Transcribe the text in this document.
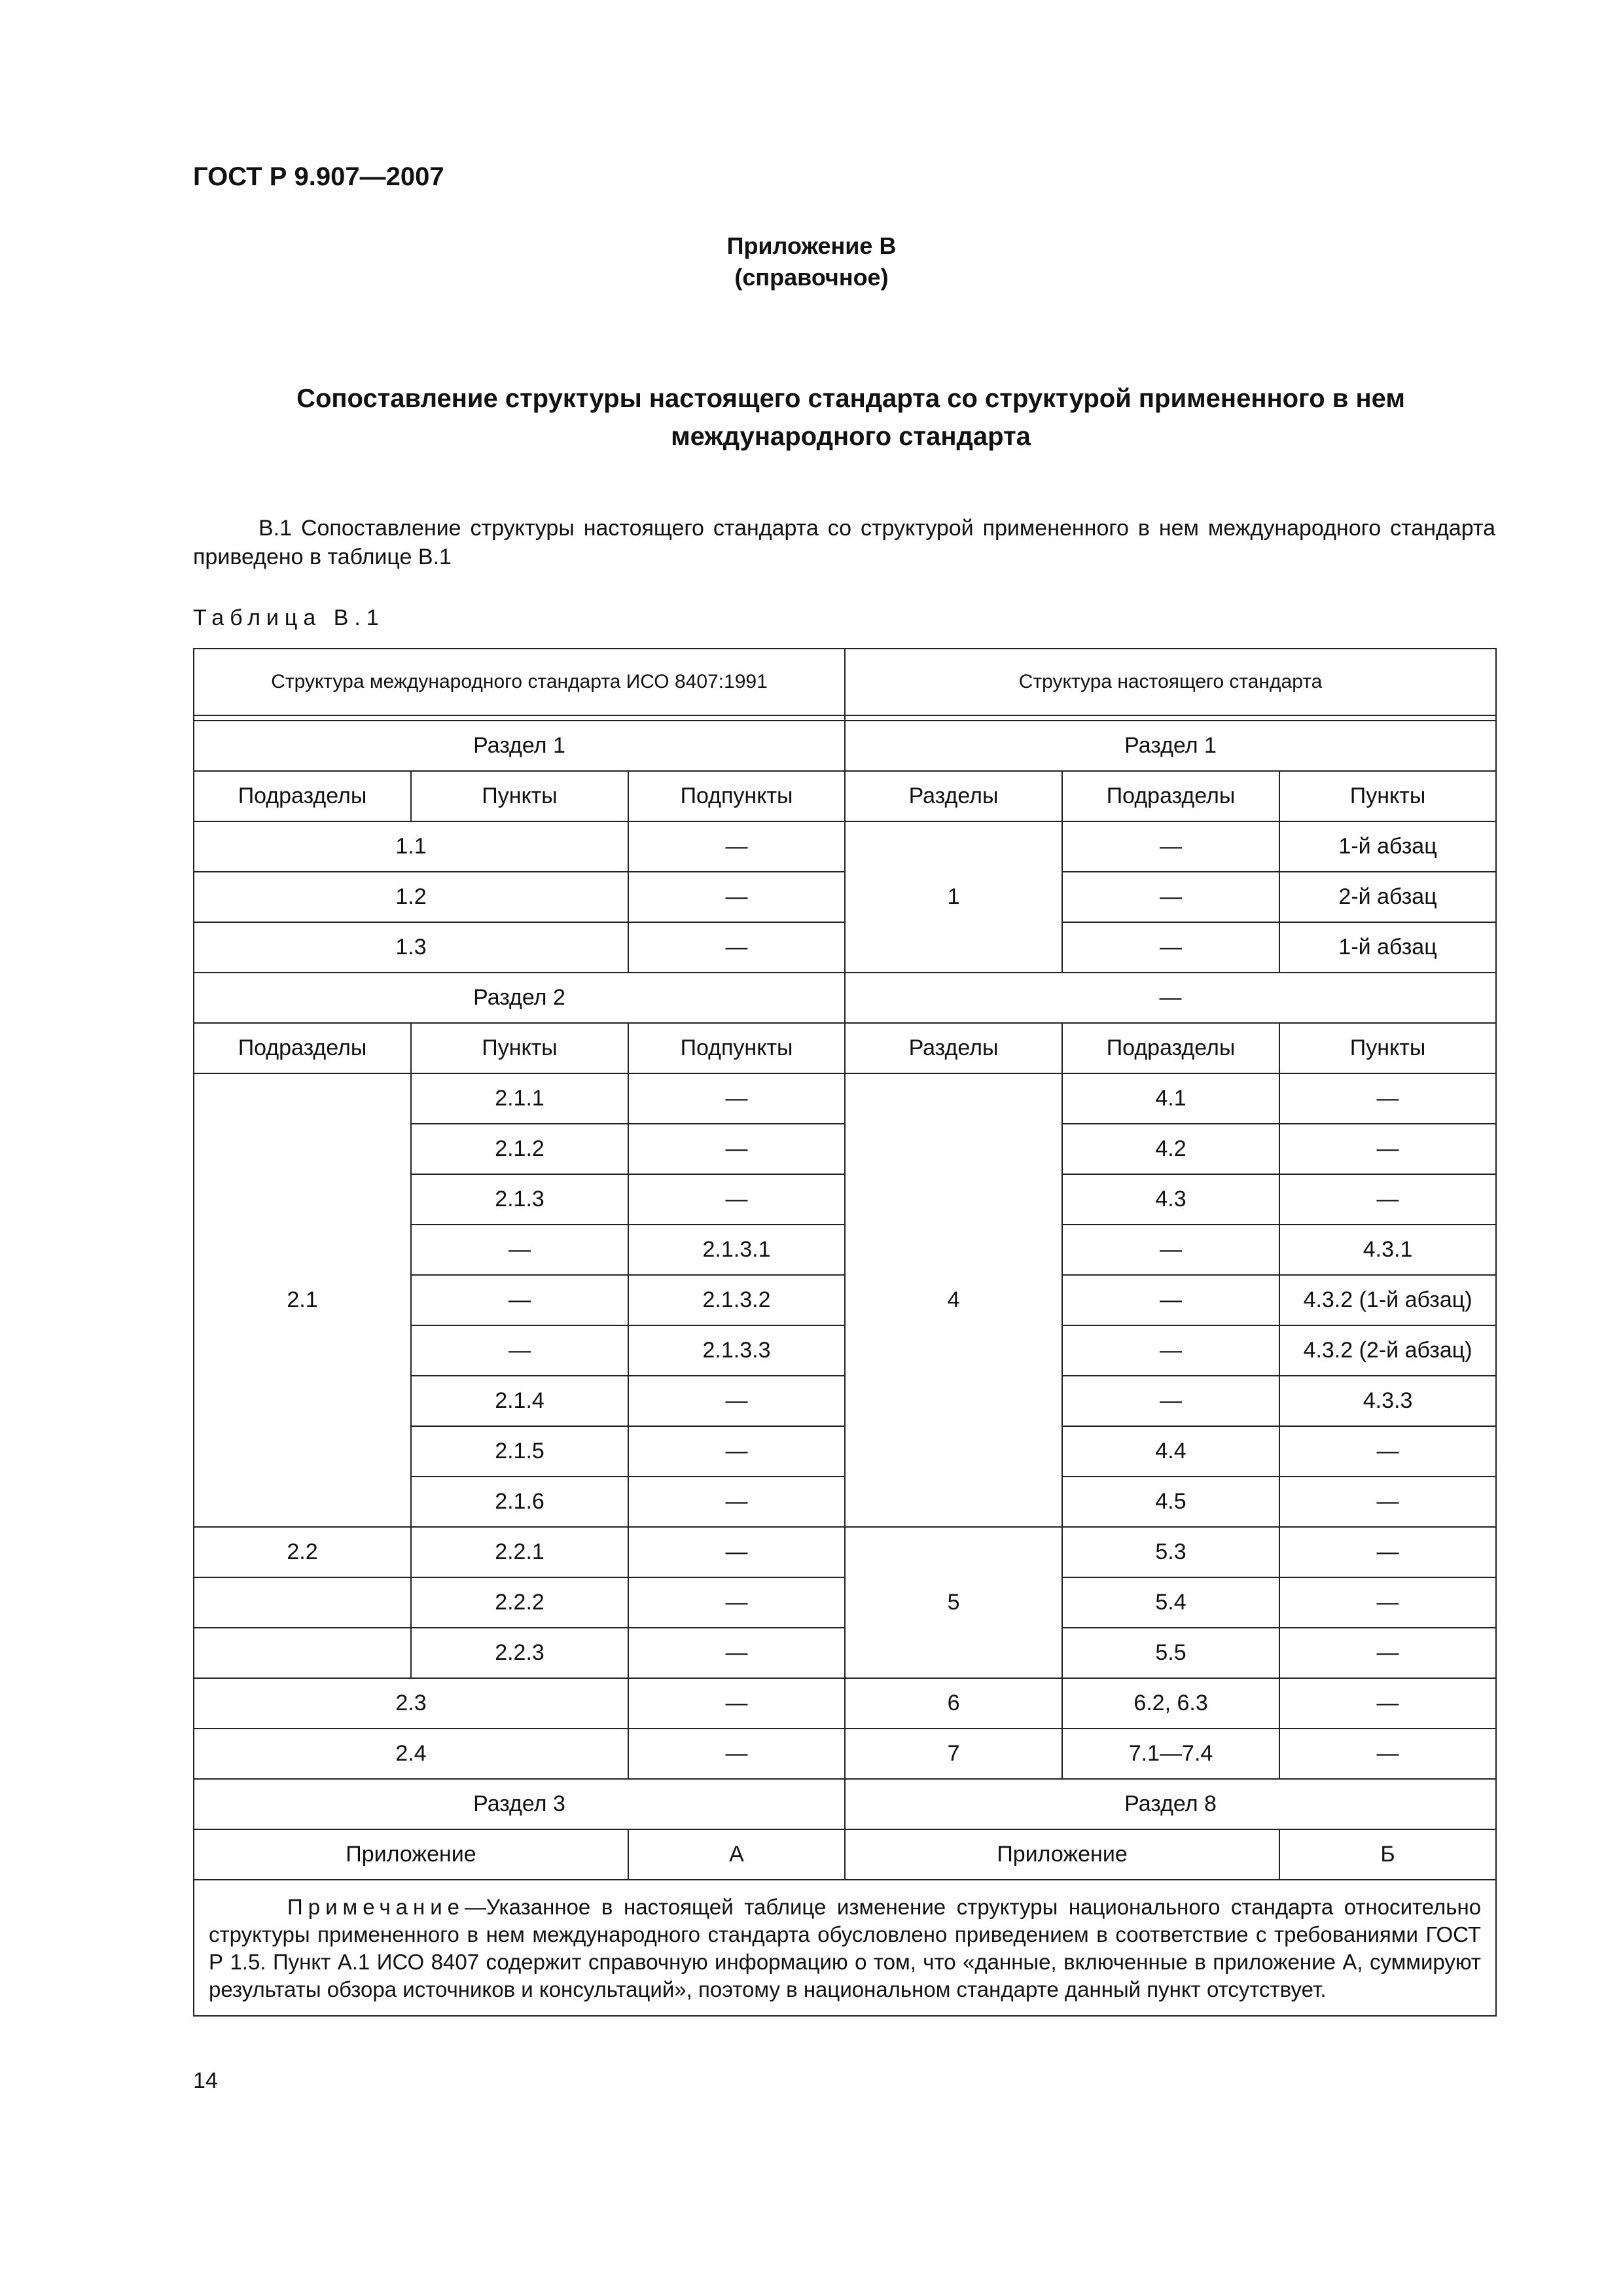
ГОСТ Р 9.907—2007
Приложение В
(справочное)
Сопоставление структуры настоящего стандарта со структурой примененного в нем
международного стандарта
В.1 Сопоставление структуры настоящего стандарта со структурой примененного в нем международного стандарта приведено в таблице В.1
Таблица В.1
Структура международного стандарта ИСО 8407:1991			Структура настоящего стандарта		

Раздел 1			Раздел 1		
Подразделы	Пункты	Подпункты	Разделы	Подразделы	Пункты
1.1		—	1	—	1-й абзац
1.2		—		—	2-й абзац
1.3		—		—	1-й абзац
Раздел 2			—		
Подразделы	Пункты	Подпункты	Разделы	Подразделы	Пункты
2.1	2.1.1	—	4	4.1	—
	2.1.2	—		4.2	—
	2.1.3	—		4.3	—
	—	2.1.3.1		—	4.3.1
	—	2.1.3.2		—	4.3.2 (1-й абзац)
	—	2.1.3.3		—	4.3.2 (2-й абзац)
	2.1.4	—		—	4.3.3
	2.1.5	—		4.4	—
	2.1.6	—		4.5	—
2.2	2.2.1	—	5	5.3	—
	2.2.2	—		5.4	—
	2.2.3	—		5.5	—
2.3		—	6	6.2, 6.3	—
2.4		—	7	7.1—7.4	—
Раздел 3			Раздел 8		
Приложение		А	Приложение		Б
Примечание—Указанное в настоящей таблице изменение структуры национального стандарта относительно структуры примененного в нем международного стандарта обусловлено приведением в соответствие с требованиями ГОСТ Р 1.5. Пункт А.1 ИСО 8407 содержит справочную информацию о том, что «данные, включенные в приложение А, суммируют результаты обзора источников и консультаций», поэтому в национальном стандарте данный пункт отсутствует.					
14
